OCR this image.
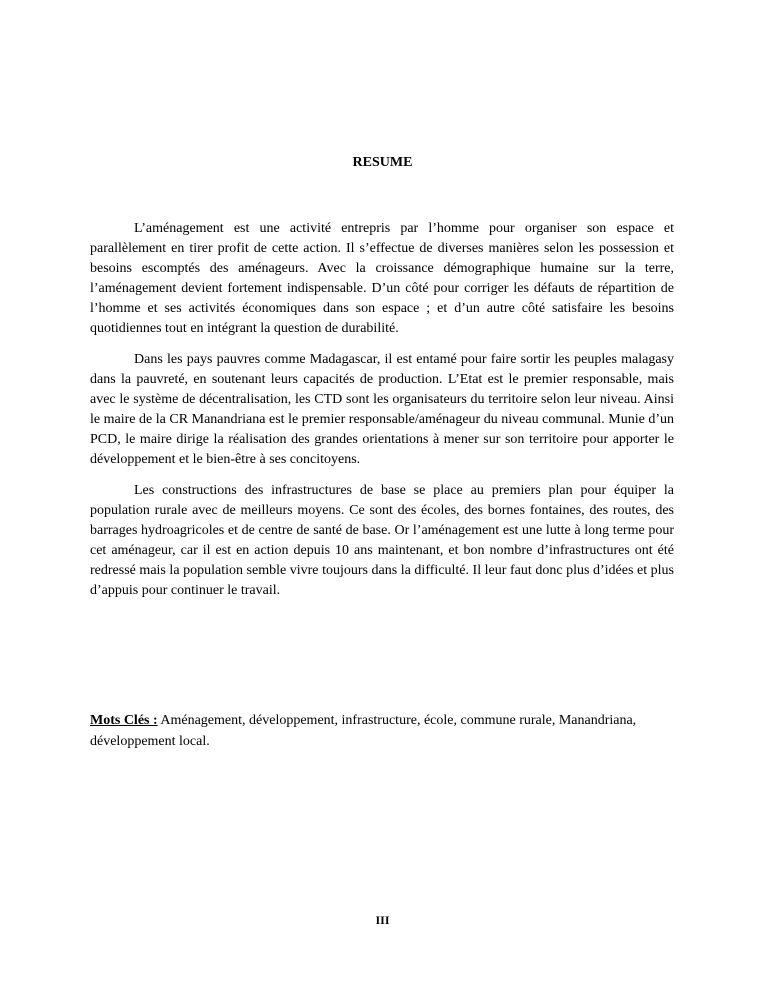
RESUME

L’aménagement est une activité entrepris par l’homme pour organiser son espace et parallèlement en tirer profit de cette action. Il s’effectue de diverses manières selon les possession et besoins escomptés des aménageurs. Avec la croissance démographique humaine sur la terre, l’aménagement devient fortement indispensable. D’un côté pour corriger les défauts de répartition de l’homme et ses activités économiques dans son espace ; et d’un autre côté satisfaire les besoins quotidiennes tout en intégrant la question de durabilité.

Dans les pays pauvres comme Madagascar, il est entamé pour faire sortir les peuples malagasy dans la pauvreté, en soutenant leurs capacités de production. L’Etat est le premier responsable, mais avec le système de décentralisation, les CTD sont les organisateurs du territoire selon leur niveau. Ainsi le maire de la CR Manandriana est le premier responsable/aménageur du niveau communal. Munie d’un PCD, le maire dirige la réalisation des grandes orientations à mener sur son territoire pour apporter le développement et le bien-être à ses concitoyens.

Les constructions des infrastructures de base se place au premiers plan pour équiper la population rurale avec de meilleurs moyens. Ce sont des écoles, des bornes fontaines, des routes, des barrages hydroagricoles et de centre de santé de base. Or l’aménagement est une lutte à long terme pour cet aménageur, car il est en action depuis 10 ans maintenant, et bon nombre d’infrastructures ont été redressé mais la population semble vivre toujours dans la difficulté. Il leur faut donc plus d’idées et plus d’appuis pour continuer le travail.

Mots Clés : Aménagement, développement, infrastructure, école, commune rurale, Manandriana, développement local.

III
